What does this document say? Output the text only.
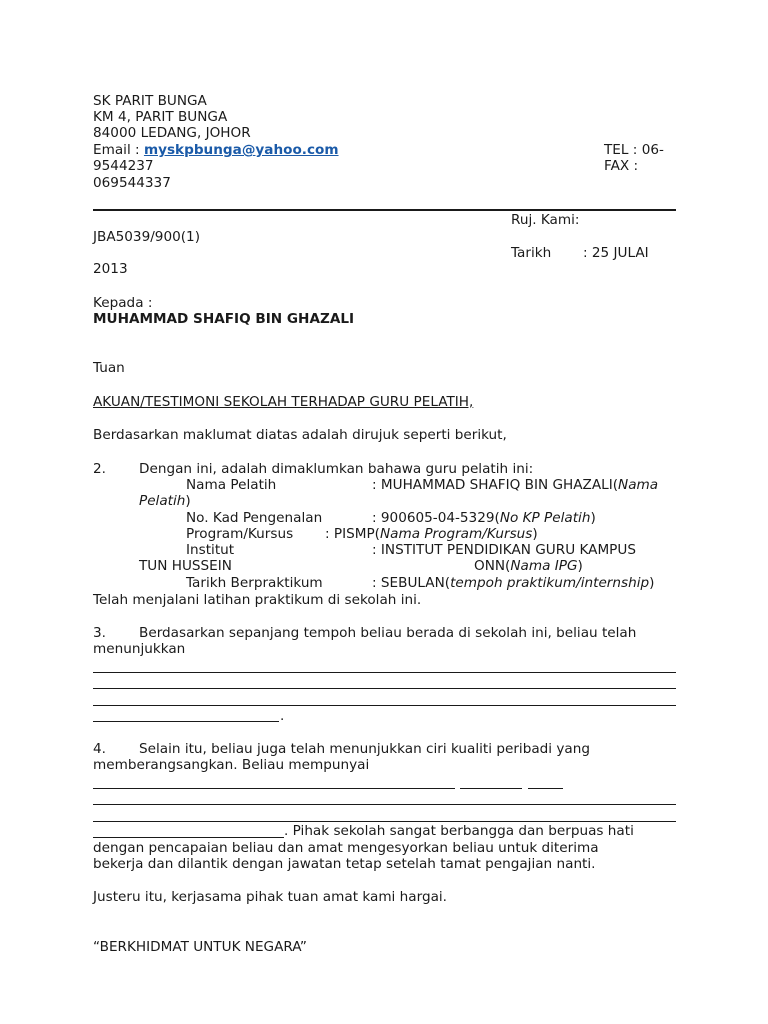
SK PARIT BUNGA
KM 4, PARIT BUNGA
84000 LEDANG, JOHOR
Email : myskpbunga@yahoo.com	TEL : 06-
9544237	FAX :
069544337
Ruj. Kami:
JBA5039/900(1)
Tarikh : 25 JULAI
2013
Kepada :
MUHAMMAD SHAFIQ BIN GHAZALI
Tuan
AKUAN/TESTIMONI SEKOLAH TERHADAP GURU PELATIH,
Berdasarkan maklumat diatas adalah dirujuk seperti berikut,
2. Dengan ini, adalah dimaklumkan bahawa guru pelatih ini:
Nama Pelatih	: MUHAMMAD SHAFIQ BIN GHAZALI(Nama
Pelatih)
No. Kad Pengenalan	: 900605-04-5329(No KP Pelatih)
Program/Kursus : PISMP(Nama Program/Kursus)
Institut	: INSTITUT PENDIDIKAN GURU KAMPUS
TUN HUSSEIN	ONN(Nama IPG)
Tarikh Berpraktikum	: SEBULAN(tempoh praktikum/internship)
Telah menjalani latihan praktikum di sekolah ini.
3. Berdasarkan sepanjang tempoh beliau berada di sekolah ini, beliau telah
menunjukkan
.
4. Selain itu, beliau juga telah menunjukkan ciri kualiti peribadi yang
memberangsangkan. Beliau mempunyai
. Pihak sekolah sangat berbangga dan berpuas hati
dengan pencapaian beliau dan amat mengesyorkan beliau untuk diterima
bekerja dan dilantik dengan jawatan tetap setelah tamat pengajian nanti.
Justeru itu, kerjasama pihak tuan amat kami hargai.
“BERKHIDMAT UNTUK NEGARA”
